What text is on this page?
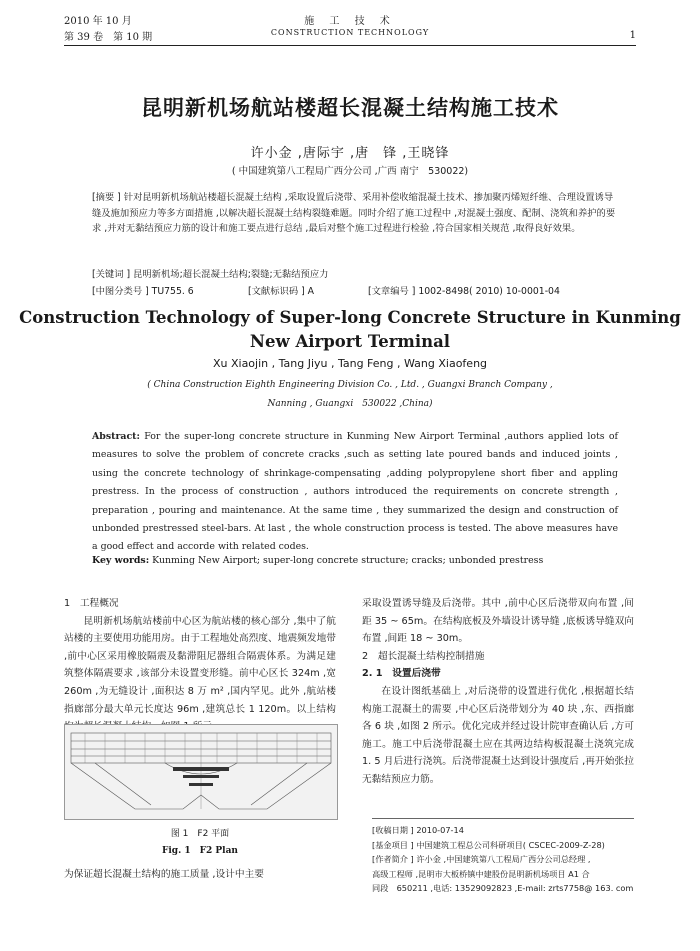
2010 年 10 月
第 39 卷　第 10 期
施 工 技 术
CONSTRUCTION TECHNOLOGY	1
昆明新机场航站楼超长混凝土结构施工技术
许小金 ,唐际宇 ,唐　锋 ,王晓锋
( 中国建筑第八工程局广西分公司 ,广西 南宁　530022)
[摘要 ] 针对昆明新机场航站楼超长混凝土结构 ,采取设置后浇带、采用补偿收缩混凝土技术、掺加聚丙烯短纤维、合理设置诱导缝及施加预应力等多方面措施 ,以解决超长混凝土结构裂缝难题。同时介绍了施工过程中 ,对混凝土强度、配制、浇筑和养护的要求 ,并对无黏结预应力筋的设计和施工要点进行总结 ,最后对整个施工过程进行检验 ,符合国家相关规范 ,取得良好效果。
[关键词 ] 昆明新机场;超长混凝土结构;裂缝;无黏结预应力
[中图分类号 ] TU755. 6	[文献标识码 ] A	[文章编号 ] 1002-8498( 2010) 10-0001-04
Construction Technology of Super-long Concrete Structure in Kunming
New Airport Terminal
Xu Xiaojin , Tang Jiyu , Tang Feng , Wang Xiaofeng
( China Construction Eighth Engineering Division Co. , Ltd. , Guangxi Branch Company ,
Nanning , Guangxi　530022 ,China)
Abstract: For the super-long concrete structure in Kunming New Airport Terminal ,authors applied lots of measures to solve the problem of concrete cracks ,such as setting late poured bands and induced joints , using the concrete technology of shrinkage-compensating ,adding polypropylene short fiber and appling prestress. In the process of construction , authors introduced the requirements on concrete strength , preparation , pouring and maintenance. At the same time , they summarized the design and construction of unbonded prestressed steel-bars. At last , the whole construction process is tested. The above measures have a good effect and accorde with related codes.
Key words: Kunming New Airport; super-long concrete structure; cracks; unbonded prestress

1　工程概况

昆明新机场航站楼前中心区为航站楼的核心部分 ,集中了航站楼的主要使用功能用房。由于工程地处高烈度、地震频发地带 ,前中心区采用橡胶隔震及黏滞阻尼器组合隔震体系。为满足建筑整体隔震要求 ,该部分未设置变形缝。前中心区长 324m ,宽 260m ,为无缝设计 ,面积达 8 万 m² ,国内罕见。此外 ,航站楼指廊部分最大单元长度达 96m ,建筑总长 1 120m。以上结构

图 1　F2 平面
Fig. 1　F2 Plan
为保证超长混凝土结构的施工质量 ,设计中主要

采取设置诱导缝及后浇带。其中 ,前中心区后浇带双向布置 ,间距 35 ~ 65m。在结构底板及外墙设计诱导缝 ,底板诱导缝双向布置 ,间距 18 ~ 30m。

2　超长混凝土结构控制措施

2. 1　设置后浇带

在设计图纸基础上 ,对后浇带的设置进行优化 ,根据超长结构施工混凝土的需要 ,中心区后浇带划分为 40 块 ,东、西指廊各 6 块 ,如图 2 所示。优化完成并经过设计院审查确认后 ,方可施工。施工中后浇带混凝土应在其两边结构板混凝土浇筑完成 1. 5 月后进行浇筑。后浇带混凝土达到设计强度后 ,再开始张拉无黏结预应力筋。

[收稿日期 ] 2010-07-14
[基金项目 ] 中国建筑工程总公司科研项目( CSCEC-2009-Z-28)
[作者简介 ] 许小金 ,中国建筑第八工程局广西分公司总经理 ,
高级工程师 ,昆明市大板桥镇中建股份昆明新机场项目 A1 合
同段　650211 ,电话: 13529092823 ,E-mail: zrts7758@ 163. com
